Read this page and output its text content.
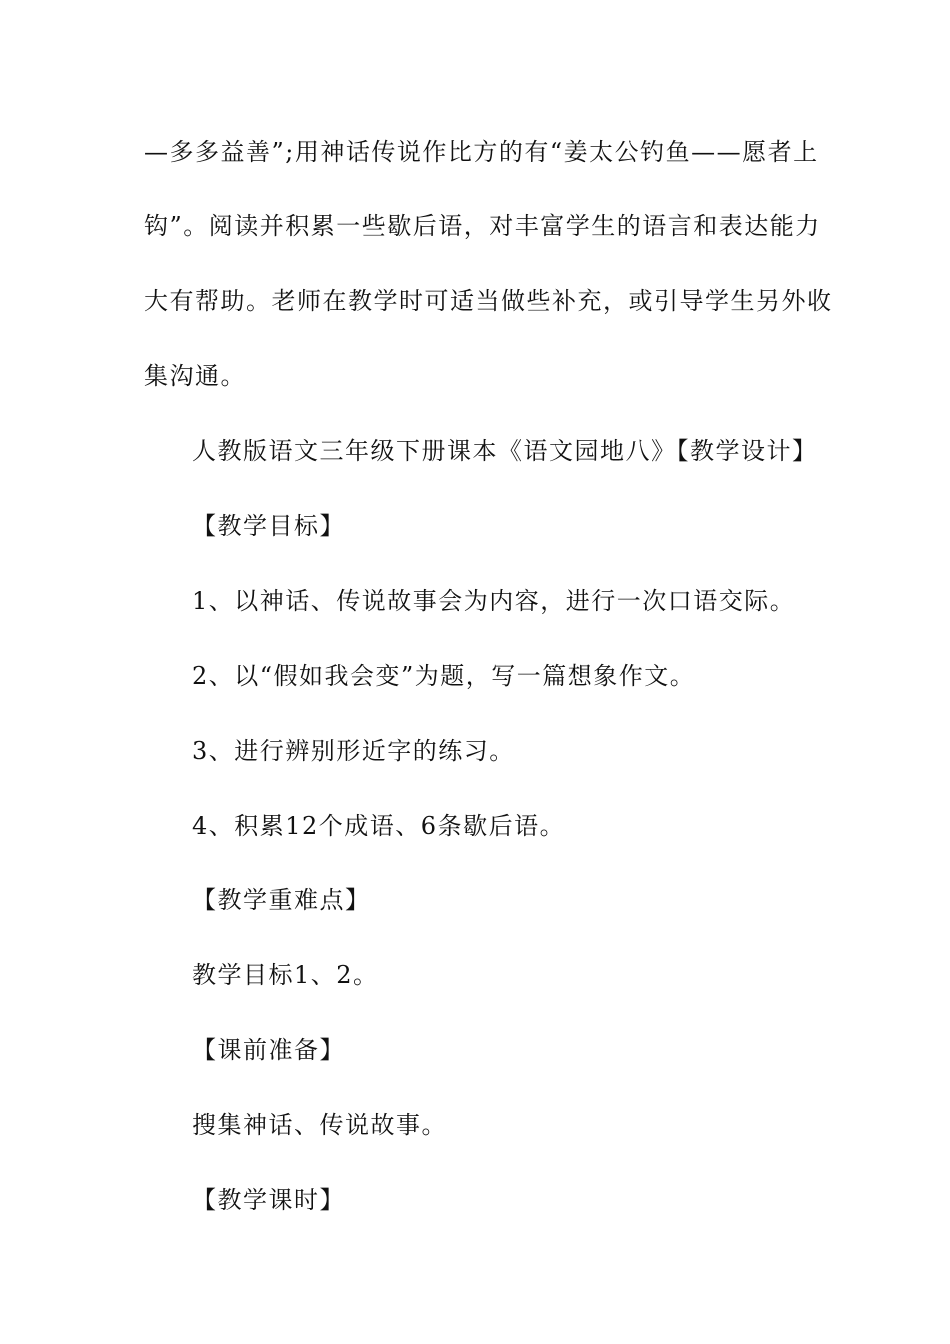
—多多益善”;用神话传说作比方的有“姜太公钓鱼——愿者上
钩”。阅读并积累一些歇后语，对丰富学生的语言和表达能力
大有帮助。老师在教学时可适当做些补充，或引导学生另外收
集沟通。
人教版语文三年级下册课本《语文园地八》【教学设计】
【教学目标】
1、以神话、传说故事会为内容，进行一次口语交际。
2、以“假如我会变”为题，写一篇想象作文。
3、进行辨别形近字的练习。
4、积累12个成语、6条歇后语。
【教学重难点】
教学目标1、2。
【课前准备】
搜集神话、传说故事。
【教学课时】
